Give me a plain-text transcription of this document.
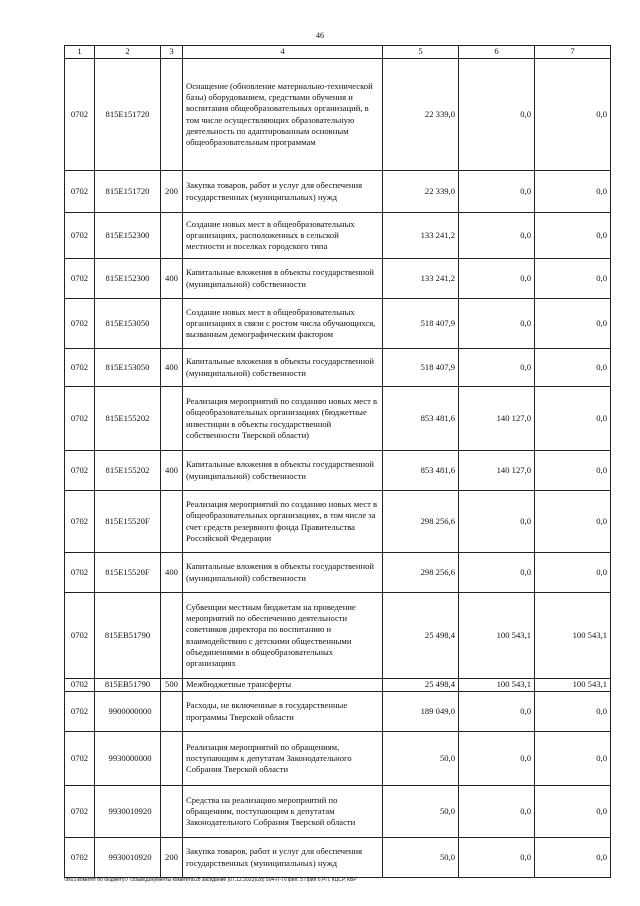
46
1	2	3	4	5	6	7
0702	815E151720		Оснащение (обновление материально-технической базы) оборудованием, средствами обучения и воспитания общеобразовательных организаций, в том числе осуществляющих образовательную деятельность по адаптированным основным общеобразовательным программам	22 339,0	0,0	0,0
0702	815E151720	200	Закупка товаров, работ и услуг для обеспечения государственных (муниципальных) нужд	22 339,0	0,0	0,0
0702	815E152300		Создание новых мест в общеобразовательных организациях, расположенных в сельской местности и поселках городского типа	133 241,2	0,0	0,0
0702	815E152300	400	Капитальные вложения в объекты государственной (муниципальной) собственности	133 241,2	0,0	0,0
0702	815E153050		Создание новых мест в общеобразовательных организациях в связи с ростом числа обучающихся, вызванным демографическим фактором	518 407,9	0,0	0,0
0702	815E153050	400	Капитальные вложения в объекты государственной (муниципальной) собственности	518 407,9	0,0	0,0
0702	815E155202		Реализация мероприятий по созданию новых мест в общеобразовательных организациях (бюджетные инвестиции в объекты государственной собственности Тверской области)	853 481,6	140 127,0	0,0
0702	815E155202	400	Капитальные вложения в объекты государственной (муниципальной) собственности	853 481,6	140 127,0	0,0
0702	815E15520F		Реализация мероприятий по созданию новых мест в общеобразовательных организациях, в том числе за счет средств резервного фонда Правительства Российской Федерации	298 256,6	0,0	0,0
0702	815E15520F	400	Капитальные вложения в объекты государственной (муниципальной) собственности	298 256,6	0,0	0,0
0702	815EB51790		Субвенции местным бюджетам на проведение мероприятий по обеспечению деятельности советников директора по воспитанию и взаимодействию с детскими общественными объединениями в общеобразовательных организациях	25 498,4	100 543,1	100 543,1
0702	815EB51790	500	Межбюджетные трансферты	25 498,4	100 543,1	100 543,1
0702	9900000000		Расходы, не включенные в государственные программы Тверской области	189 049,0	0,0	0,0
0702	9930000000		Реализация мероприятий по обращениям, поступающим к депутатам Законодательного Собрания Тверской области	50,0	0,0	0,0
0702	9930010920		Средства на реализацию мероприятий по обращениям, поступающим к депутатам Законодательного Собрания Тверской области	50,0	0,0	0,0
0702	9930010920	200	Закупка товаров, работ и услуг для обеспечения государственных (муниципальных) нужд	50,0	0,0	0,0
\\fs01\комитет по бюджету\7 созыв\Документы комитета\28 заседание (07.12.2023)\28) 504-П-7\Прил. 5 Прил 6 РП, КЦСР, КВР
